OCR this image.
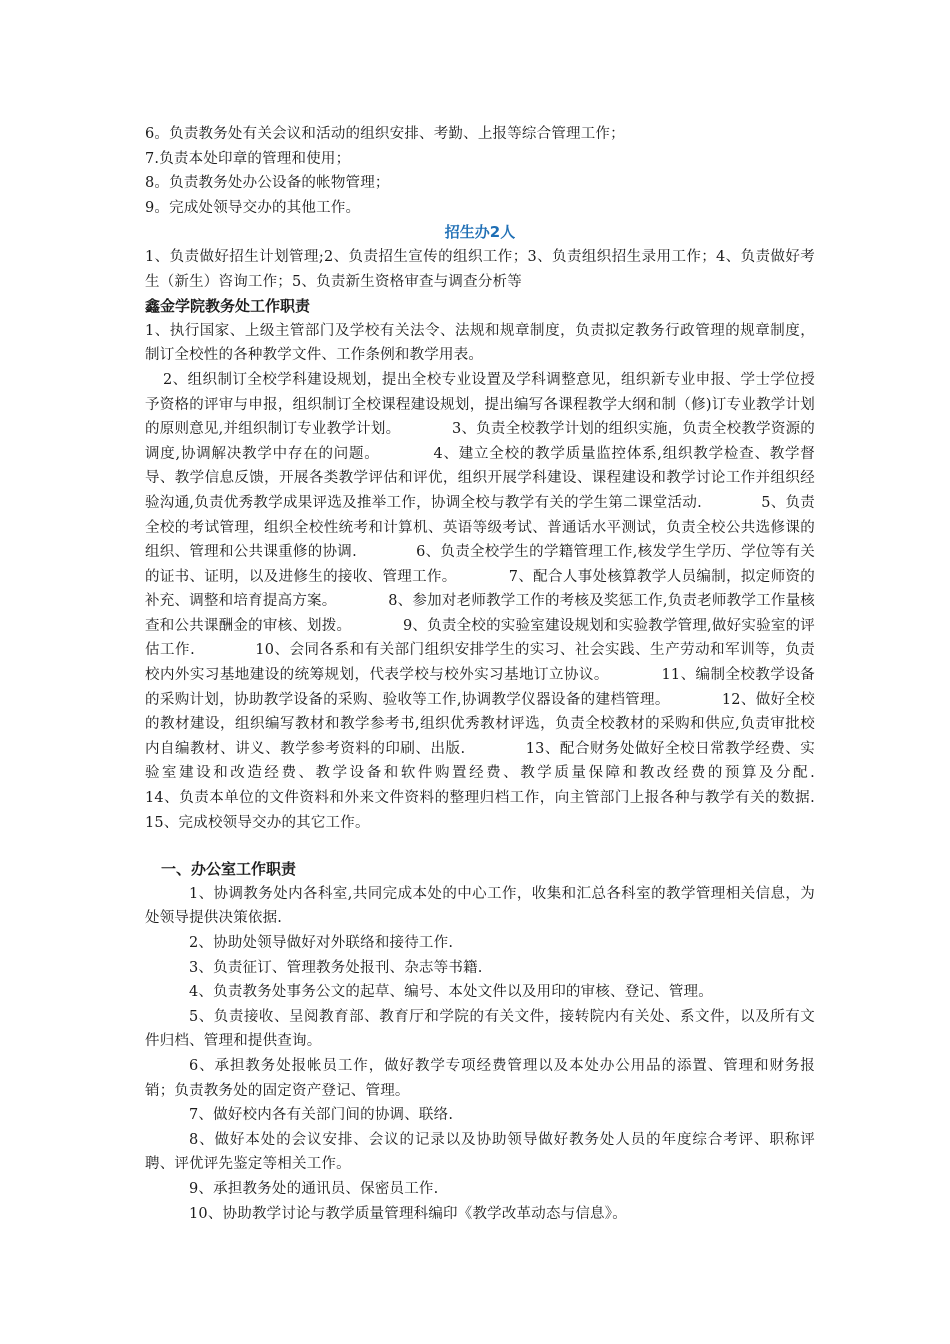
6。负责教务处有关会议和活动的组织安排、考勤、上报等综合管理工作；

7.负责本处印章的管理和使用；

8。负责教务处办公设备的帐物管理；

9。完成处领导交办的其他工作。

招生办2人

1、负责做好招生计划管理;2、负责招生宣传的组织工作；3、负责组织招生录用工作；4、负责做好考生（新生）咨询工作；5、负责新生资格审查与调查分析等

鑫金学院教务处工作职责

1、执行国家、上级主管部门及学校有关法令、法规和规章制度，负责拟定教务行政管理的规章制度，制订全校性的各种教学文件、工作条例和教学用表。

2、组织制订全校学科建设规划，提出全校专业设置及学科调整意见，组织新专业申报、学士学位授予资格的评审与申报，组织制订全校课程建设规划，提出编写各课程教学大纲和制（修)订专业教学计划的原则意见,并组织制订专业教学计划。　　　　3、负责全校教学计划的组织实施，负责全校教学资源的调度,协调解决教学中存在的问题。　　　　4、建立全校的教学质量监控体系,组织教学检查、教学督导、教学信息反馈，开展各类教学评估和评优，组织开展学科建设、课程建设和教学讨论工作并组织经验沟通,负责优秀教学成果评选及推举工作，协调全校与教学有关的学生第二课堂活动.　　　　5、负责全校的考试管理，组织全校性统考和计算机、英语等级考试、普通话水平测试，负责全校公共选修课的组织、管理和公共课重修的协调.　　　　6、负责全校学生的学籍管理工作,核发学生学历、学位等有关的证书、证明，以及进修生的接收、管理工作。　　　　7、配合人事处核算教学人员编制，拟定师资的补充、调整和培育提高方案。　　　　8、参加对老师教学工作的考核及奖惩工作,负责老师教学工作量核查和公共课酬金的审核、划拨。　　　　9、负责全校的实验室建设规划和实验教学管理,做好实验室的评估工作.　　　　10、会同各系和有关部门组织安排学生的实习、社会实践、生产劳动和军训等，负责校内外实习基地建设的统筹规划，代表学校与校外实习基地订立协议。　　　　11、编制全校教学设备的采购计划，协助教学设备的采购、验收等工作,协调教学仪器设备的建档管理。　　　　12、做好全校的教材建设，组织编写教材和教学参考书,组织优秀教材评选，负责全校教材的采购和供应,负责审批校内自编教材、讲义、教学参考资料的印刷、出版.　　　　13、配合财务处做好全校日常教学经费、实验室建设和改造经费、教学设备和软件购置经费、教学质量保障和教改经费的预算及分配.　　　　14、负责本单位的文件资料和外来文件资料的整理归档工作，向主管部门上报各种与教学有关的数据.　　　　15、完成校领导交办的其它工作。

一、办公室工作职责

1、协调教务处内各科室,共同完成本处的中心工作，收集和汇总各科室的教学管理相关信息，为处领导提供决策依据.

2、协助处领导做好对外联络和接待工作.

3、负责征订、管理教务处报刊、杂志等书籍.

4、负责教务处事务公文的起草、编号、本处文件以及用印的审核、登记、管理。

5、负责接收、呈阅教育部、教育厅和学院的有关文件，接转院内有关处、系文件，以及所有文件归档、管理和提供查询。

6、承担教务处报帐员工作，做好教学专项经费管理以及本处办公用品的添置、管理和财务报销；负责教务处的固定资产登记、管理。

7、做好校内各有关部门间的协调、联络.

8、做好本处的会议安排、会议的记录以及协助领导做好教务处人员的年度综合考评、职称评聘、评优评先鉴定等相关工作。

9、承担教务处的通讯员、保密员工作.

10、协助教学讨论与教学质量管理科编印《教学改革动态与信息》。
